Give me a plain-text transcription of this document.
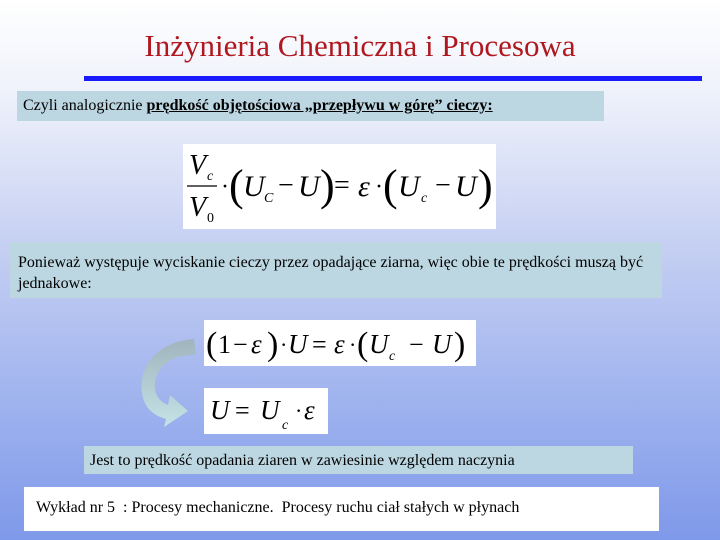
Inżynieria Chemiczna i Procesowa
Czyli analogicznie prędkość objętościowa „przepływu w górę” cieczy:
V c
V 0
· ( U C − U ) = ε · ( U c − U )
Ponieważ występuje wyciskanie cieczy przez opadające ziarna, więc obie te prędkości muszą być jednakowe:
( 1 − ε ) · U = ε · ( U c − U )
U = U
c
· ε
Jest to prędkość opadania ziaren w zawiesinie względem naczynia
Wykład nr 5  : Procesy mechaniczne.  Procesy ruchu ciał stałych w płynach
